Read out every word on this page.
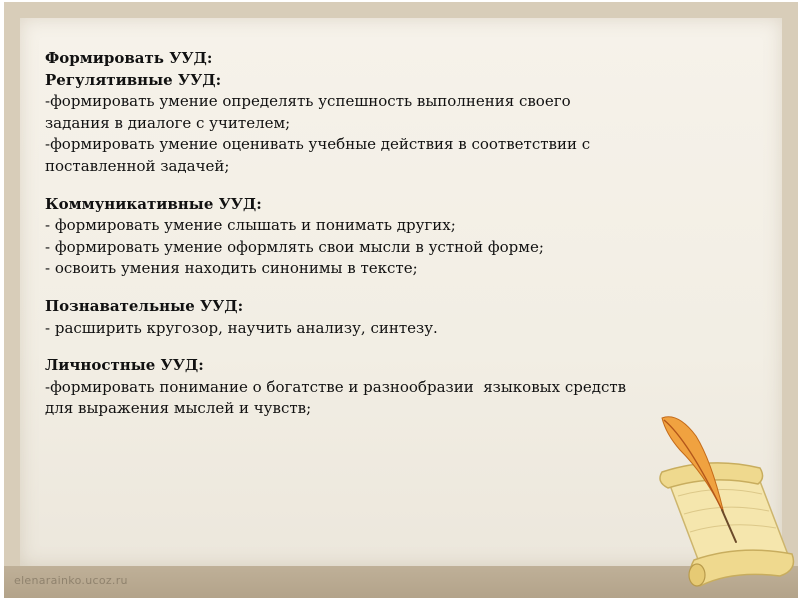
elenarainko.ucoz.ru
Формировать УУД:
Регулятивные УУД:
-формировать умение определять успешность выполнения своего
задания в диалоге с учителем;
-формировать умение оценивать учебные действия в соответствии с
поставленной задачей;
Коммуникативные УУД:
- формировать умение слышать и понимать других;
- формировать умение оформлять свои мысли в устной форме;
- освоить умения находить синонимы в тексте;
Познавательные УУД:
- расширить кругозор, научить анализу, синтезу.
Личностные УУД:
-формировать понимание о богатстве и разнообразии  языковых средств
для выражения мыслей и чувств;
